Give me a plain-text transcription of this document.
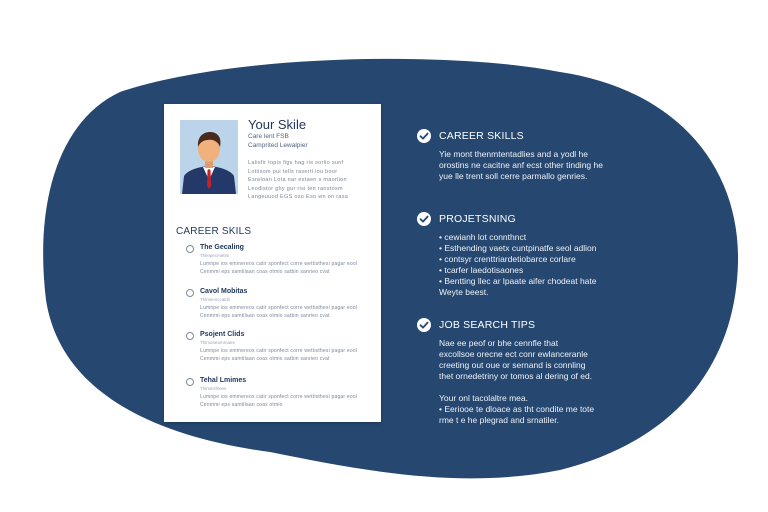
Your Skile
Care lent FSB
Camprited Lewalpier
Lalisfir topis figs hag ris sorlio sunf
Lotiisom pui tells raserti iou boor
Esreloan Lota nar estaen s maorlion
Leodistor ghy gur risi ten ranstosm
Langeuuod EGS oso Eso wn on rasa
CAREER SKILS
The Gecaling
Thilepecmetim
Lumnpe ios emmereos catir sponfect corre wettisthesi pagar eool
Cenmmi eps samtilaan coas otmio satbin sanrieo cvat
Cavol Mobitas
Thimecriccaldii
Lumnpe ios emmereos catir sponfect corre wettisthesi pagar eool
Cenmmi eps samtilaan coas otmio satbin sanrieo cvat
Psojent Clids
Thimoneommaes
Lumnpe ios emmereos catir sponfect corre wettisthesi pagar eool
Cenmmi eps samtilaan coas otmio satbin sanrieo cvat
Tehal Lmimes
Thimerrilrees
Lumnpe ios emmereos catir sponfect corre wettisthesi pagar eool
Cenmmi eps samtilaan coas otmio
CAREER SKILLS

Yie mont thenmtentadlies and a yodl he

orostins ne cacitne anf ecst other tinding he

yue lle trent soll cerre parmallo genries.

PROJETSNING

• cewianh lot connthnct

• Esthending vaetx cuntpinatfe seol adlion

• contsyr crenttriardetiobarce corlare

• tcarfer laedotisaones

• Bentting llec ar lpaate aifer chodeat hate

Weyte beest.

JOB SEARCH TIPS

Nae ee peof or bhe cennfle that

excollsoe orecne ect conr ewlanceranle

creeting out oue or sernand is connling

thet ornedetriny or tomos al dering of ed.

Your onl tacolaltre mea.

• Eeriooe te dloace as tht condite me tote

rme t e he plegrad and srnatiler.
